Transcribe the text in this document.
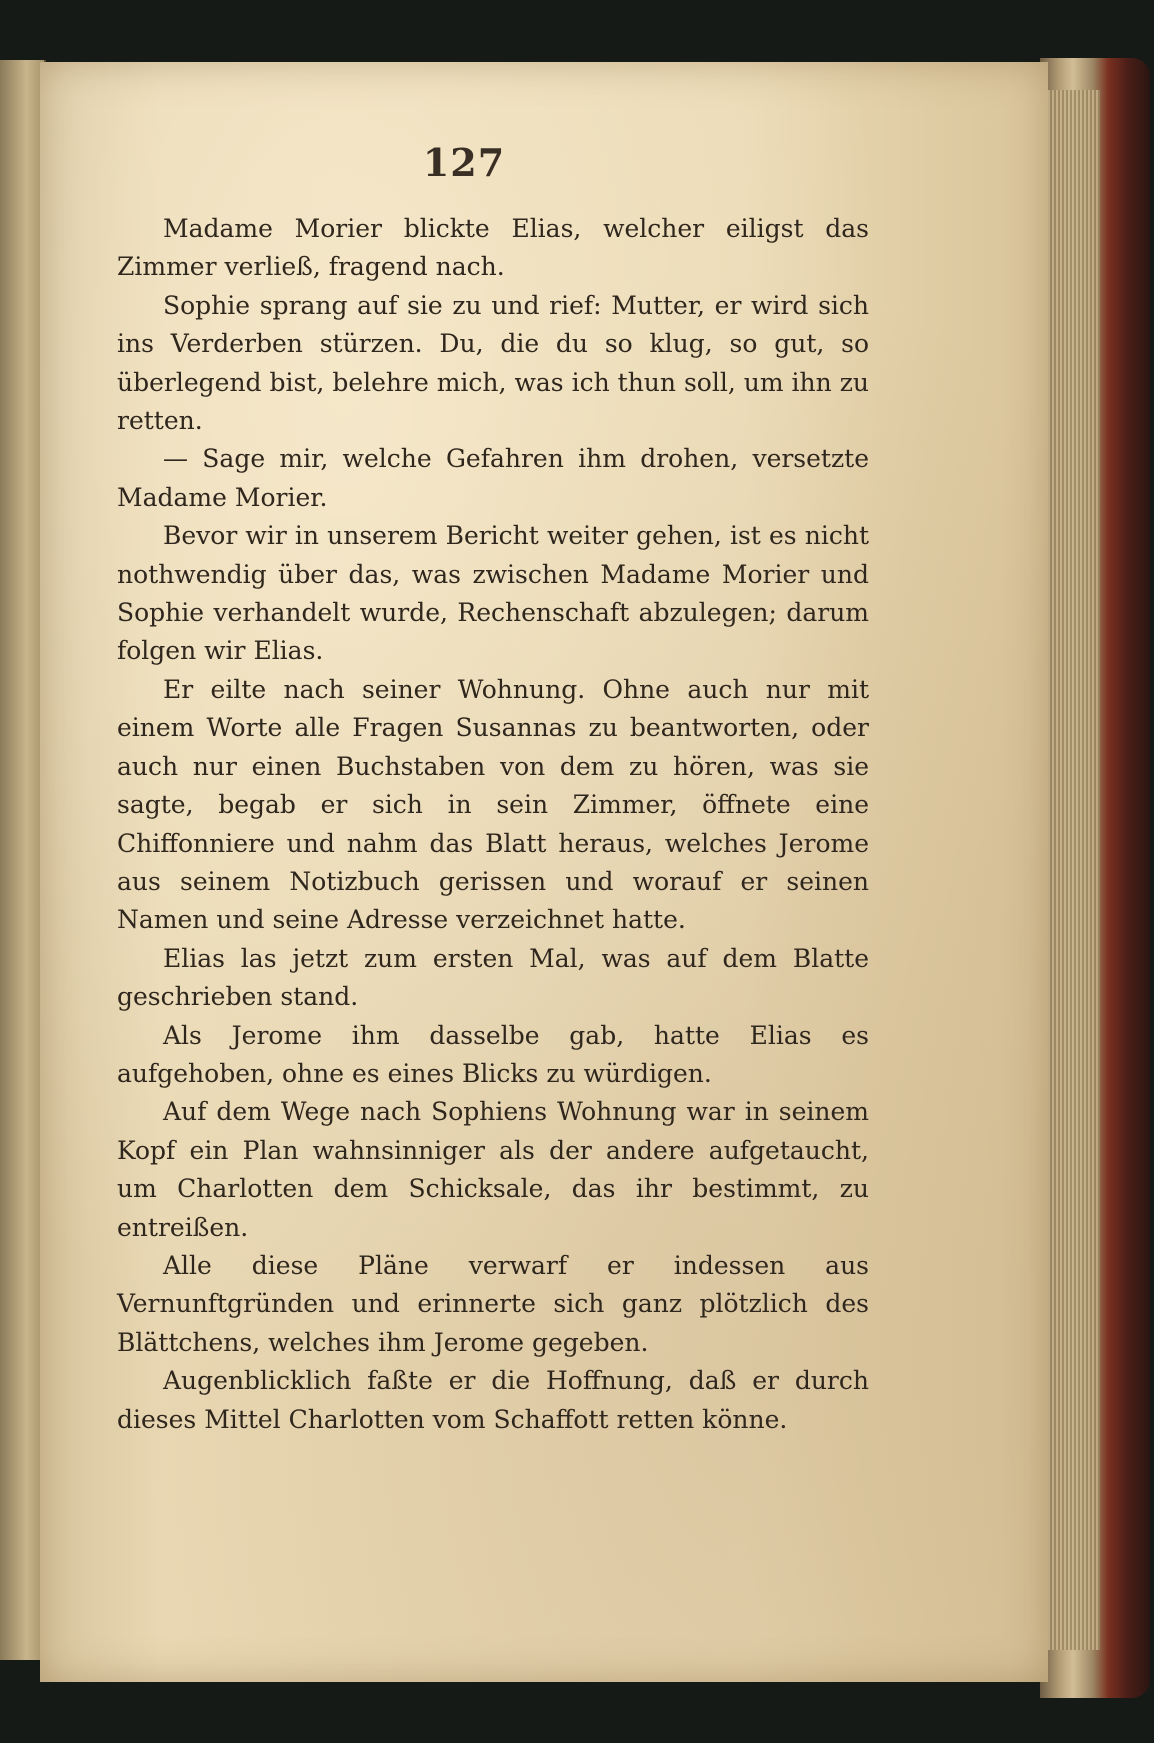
127

Madame Morier blickte Elias, welcher eiligst das Zimmer verließ, fragend nach.

Sophie sprang auf sie zu und rief: Mutter, er wird sich ins Verderben stürzen. Du, die du so klug, so gut, so überlegend bist, belehre mich, was ich thun soll, um ihn zu retten.

— Sage mir, welche Gefahren ihm drohen, versetzte Madame Morier.

Bevor wir in unserem Bericht weiter gehen, ist es nicht nothwendig über das, was zwischen Madame Morier und Sophie verhandelt wurde, Rechenschaft abzulegen; darum folgen wir Elias.

Er eilte nach seiner Wohnung. Ohne auch nur mit einem Worte alle Fragen Susannas zu beantworten, oder auch nur einen Buchstaben von dem zu hören, was sie sagte, begab er sich in sein Zimmer, öffnete eine Chiffonniere und nahm das Blatt heraus, welches Jerome aus seinem Notizbuch gerissen und worauf er seinen Namen und seine Adresse verzeichnet hatte.

Elias las jetzt zum ersten Mal, was auf dem Blatte geschrieben stand.

Als Jerome ihm dasselbe gab, hatte Elias es aufgehoben, ohne es eines Blicks zu würdigen.

Auf dem Wege nach Sophiens Wohnung war in seinem Kopf ein Plan wahnsinniger als der andere aufgetaucht, um Charlotten dem Schicksale, das ihr bestimmt, zu entreißen.

Alle diese Pläne verwarf er indessen aus Vernunftgründen und erinnerte sich ganz plötzlich des Blättchens, welches ihm Jerome gegeben.

Augenblicklich faßte er die Hoffnung, daß er durch dieses Mittel Charlotten vom Schaffott retten könne.
